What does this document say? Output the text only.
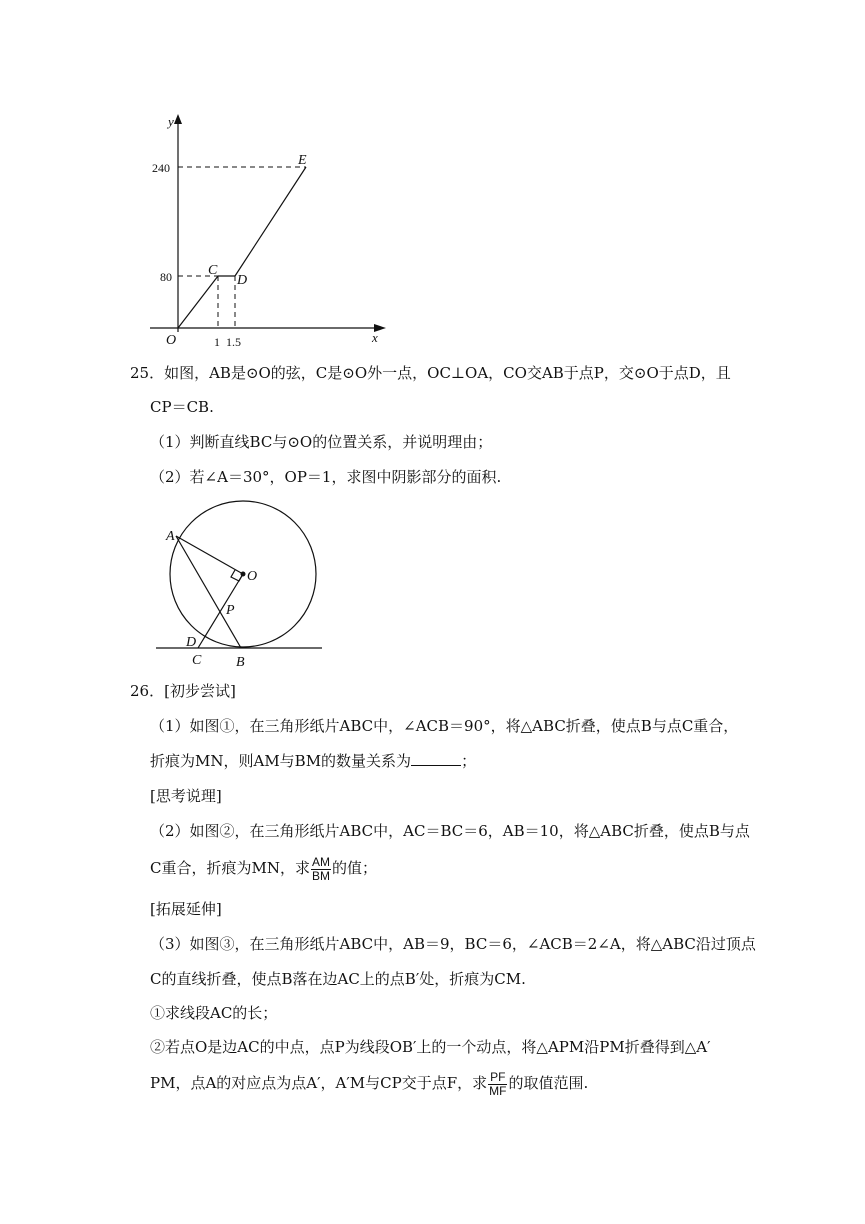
y
x
O
240
80
1 1.5
C
D
E
25．如图，AB是⊙O的弦，C是⊙O外一点，OC⊥OA，CO交AB于点P，交⊙O于点D，且
CP＝CB.
（1）判断直线BC与⊙O的位置关系，并说明理由；
（2）若∠A＝30°，OP＝1，求图中阴影部分的面积.
A
O
P
D
C B
26．[初步尝试]
（1）如图①，在三角形纸片ABC中，∠ACB＝90°，将△ABC折叠，使点B与点C重合，
折痕为MN，则AM与BM的数量关系为	；
[思考说理]
（2）如图②，在三角形纸片ABC中，AC＝BC＝6，AB＝10，将△ABC折叠，使点B与点
C重合，折痕为MN，求 $\frac{AM}{BM}$ 的值；
[拓展延伸]
（3）如图③，在三角形纸片ABC中，AB＝9，BC＝6，∠ACB＝2∠A，将△ABC沿过顶点
C的直线折叠，使点B落在边AC上的点B′处，折痕为CM.
①求线段AC的长；
②若点O是边AC的中点，点P为线段OB′上的一个动点，将△APM沿PM折叠得到△A′
PM，点A的对应点为点A′，A′M与CP交于点F，求 $\frac{PF}{MF}$ 的取值范围.
